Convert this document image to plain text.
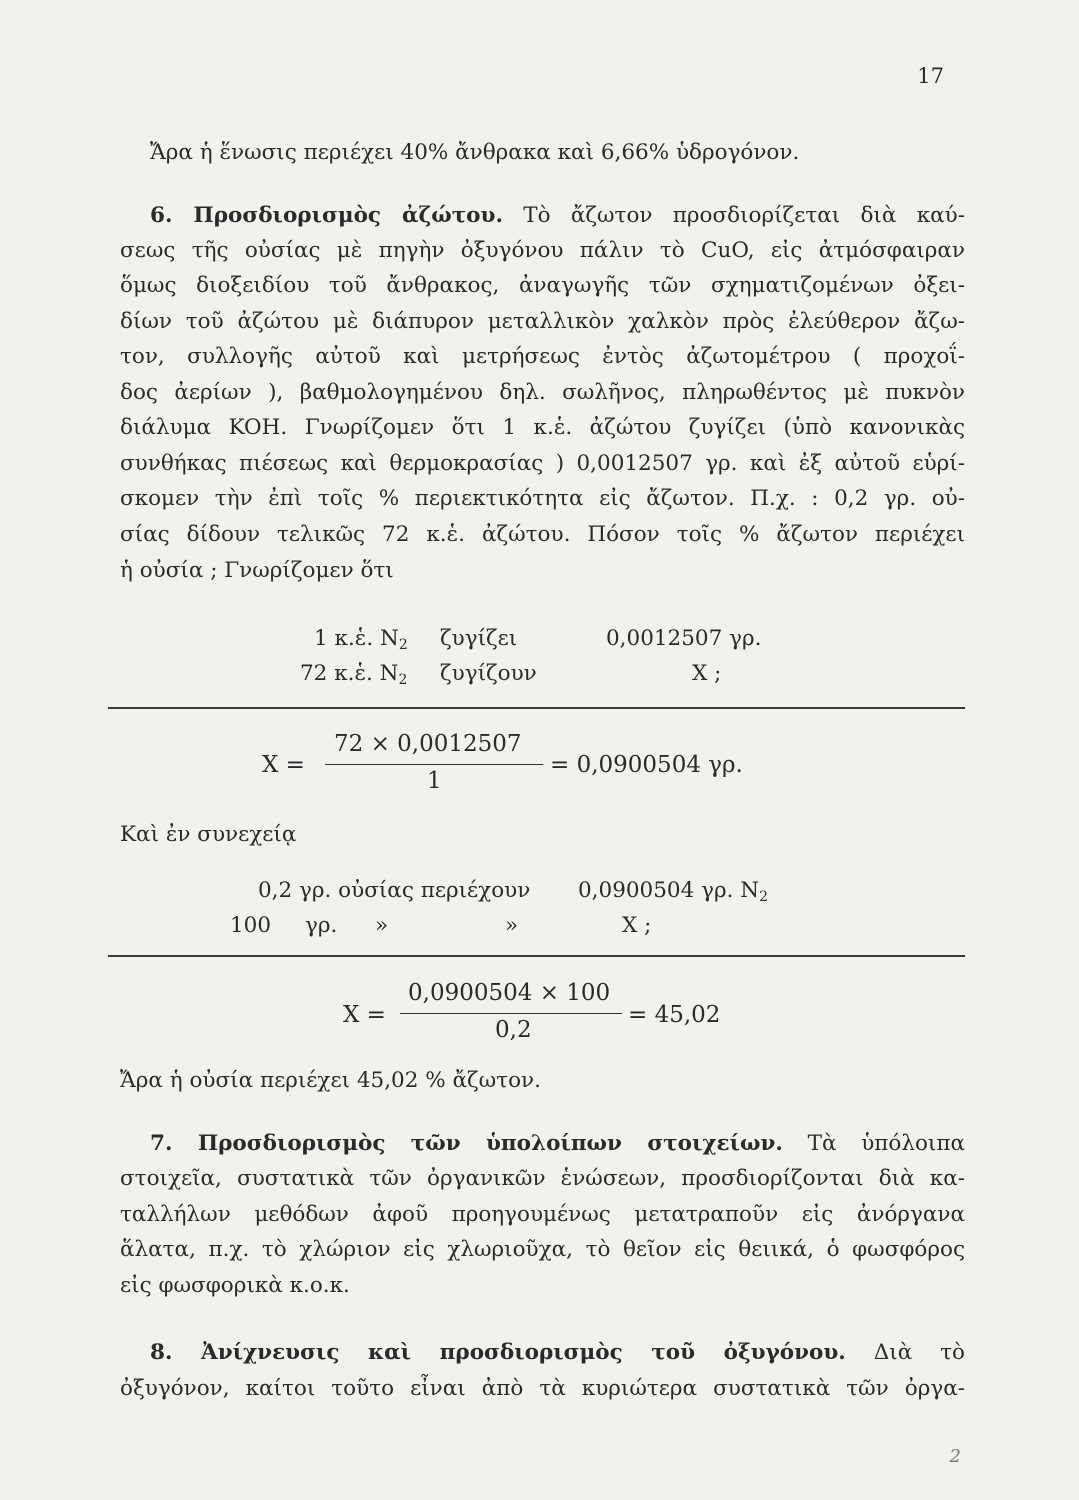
17
Ἄρα ἡ ἕνωσις περιέχει 40% ἄνθρακα καὶ 6,66% ὑδρογόνον.
6. Προσδιορισμὸς ἀζώτου. Τὸ ἄζωτον προσδιορίζεται διὰ καύ-
σεως τῆς οὐσίας μὲ πηγὴν ὀξυγόνου πάλιν τὸ CuO, εἰς ἀτμόσφαιραν
ὅμως διοξειδίου τοῦ ἄνθρακος, ἀναγωγῆς τῶν σχηματιζομένων ὀξει-
δίων τοῦ ἀζώτου μὲ διάπυρον μεταλλικὸν χαλκὸν πρὸς ἐλεύθερον ἄζω-
τον, συλλογῆς αὐτοῦ καὶ μετρήσεως ἐντὸς ἀζωτομέτρου ( προχοΐ-
δος ἀερίων ), βαθμολογημένου δηλ. σωλῆνος, πληρωθέντος μὲ πυκνὸν
διάλυμα KOH. Γνωρίζομεν ὅτι 1 κ.ἑ. ἀζώτου ζυγίζει (ὑπὸ κανονικὰς
συνθήκας πιέσεως καὶ θερμοκρασίας ) 0,0012507 γρ. καὶ ἐξ αὐτοῦ εὑρί-
σκομεν τὴν ἐπὶ τοῖς % περιεκτικότητα εἰς ἄζωτον. Π.χ. : 0,2 γρ. οὐ-
σίας δίδουν τελικῶς 72 κ.ἑ. ἀζώτου. Πόσον τοῖς % ἄζωτον περιέχει
ἡ οὐσία ; Γνωρίζομεν ὅτι
1 κ.ἑ. $N_2$ ζυγίζει	0,0012507 γρ.
72 κ.ἑ. $N_2$ ζυγίζουν	X ;
X =
72 × 0,0012507
1
= 0,0900504 γρ.
Καὶ ἐν συνεχείᾳ
0,2 γρ. οὐσίας περιέχουν 0,0900504 γρ. $N_2$
100 γρ. »	»	X ;
X =
0,0900504 × 100
0,2
= 45,02
Ἄρα ἡ οὐσία περιέχει 45,02 % ἄζωτον.
7. Προσδιορισμὸς τῶν ὑπολοίπων στοιχείων. Τὰ ὑπόλοιπα
στοιχεῖα, συστατικὰ τῶν ὀργανικῶν ἑνώσεων, προσδιορίζονται διὰ κα-
ταλλήλων μεθόδων ἀφοῦ προηγουμένως μετατραποῦν εἰς ἀνόργανα
ἅλατα, π.χ. τὸ χλώριον εἰς χλωριοῦχα, τὸ θεῖον εἰς θειικά, ὁ φωσφόρος
εἰς φωσφορικὰ κ.ο.κ.
8. Ἀνίχνευσις καὶ προσδιορισμὸς τοῦ ὀξυγόνου. Διὰ τὸ
ὀξυγόνον, καίτοι τοῦτο εἶναι ἀπὸ τὰ κυριώτερα συστατικὰ τῶν ὀργα-
2
